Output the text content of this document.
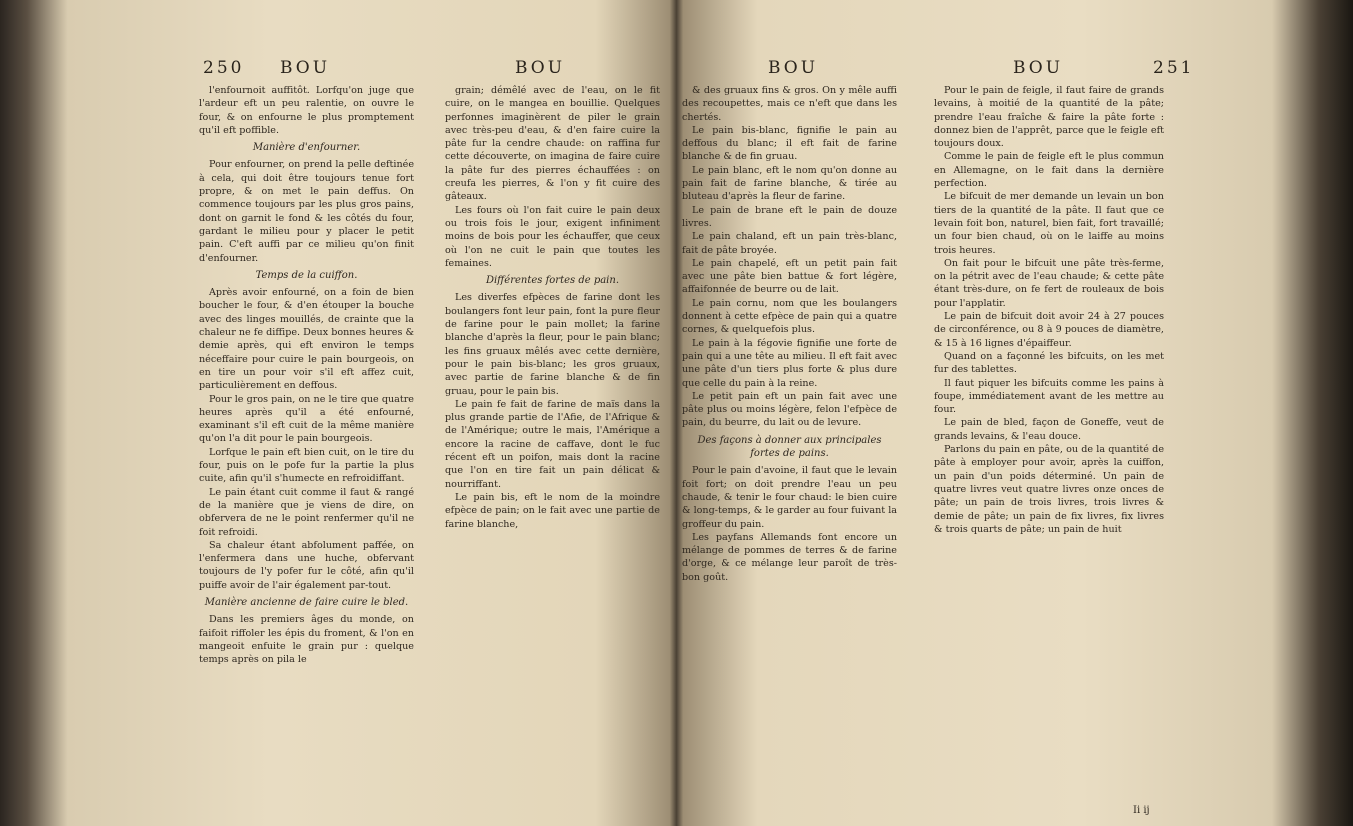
250 BOU	BOU

l'enfournoit auffitôt. Lorfqu'on juge que l'ardeur eft un peu ralentie, on ouvre le four, & on enfourne le plus promptement qu'il eft poffible.

Manière d'enfourner.

Pour enfourner, on prend la pelle deftinée à cela, qui doit être toujours tenue fort propre, & on met le pain deffus. On commence toujours par les plus gros pains, dont on garnit le fond & les côtés du four, gardant le milieu pour y placer le petit pain. C'eft auffi par ce milieu qu'on finit d'enfourner.

Temps de la cuiffon.

Après avoir enfourné, on a foin de bien boucher le four, & d'en étouper la bouche avec des linges mouillés, de crainte que la chaleur ne fe diffipe. Deux bonnes heures & demie après, qui eft environ le temps néceffaire pour cuire le pain bourgeois, on en tire un pour voir s'il eft affez cuit, particulièrement en deffous.

Pour le gros pain, on ne le tire que quatre heures après qu'il a été enfourné, examinant s'il eft cuit de la même manière qu'on l'a dit pour le pain bourgeois.

Lorfque le pain eft bien cuit, on le tire du four, puis on le pofe fur la partie la plus cuite, afin qu'il s'humecte en refroidiffant.

Le pain étant cuit comme il faut & rangé de la manière que je viens de dire, on obfervera de ne le point renfermer qu'il ne foit refroidi.

Sa chaleur étant abfolument paffée, on l'enfermera dans une huche, obfervant toujours de l'y pofer fur le côté, afin qu'il puiffe avoir de l'air également par-tout.

Manière ancienne de faire cuire le bled.

Dans les premiers âges du monde, on faifoit riffoler les épis du froment, & l'on en mangeoit enfuite le grain pur : quelque temps après on pila le

grain; démêlé avec de l'eau, on le fit cuire, on le mangea en bouillie. Quelques perfonnes imaginèrent de piler le grain avec très-peu d'eau, & d'en faire cuire la pâte fur la cendre chaude: on raffina fur cette découverte, on imagina de faire cuire la pâte fur des pierres échauffées : on creufa les pierres, & l'on y fit cuire des gâteaux.

Les fours où l'on fait cuire le pain deux ou trois fois le jour, exigent infiniment moins de bois pour les échauffer, que ceux où l'on ne cuit le pain que toutes les femaines.

Différentes fortes de pain.

Les diverfes efpèces de farine dont les boulangers font leur pain, font la pure fleur de farine pour le pain mollet; la farine blanche d'après la fleur, pour le pain blanc; les fins gruaux mêlés avec cette dernière, pour le pain bis-blanc; les gros gruaux, avec partie de farine blanche & de fin gruau, pour le pain bis.

Le pain fe fait de farine de maïs dans la plus grande partie de l'Afie, de l'Afrique & de l'Amérique; outre le mais, l'Amérique a encore la racine de caffave, dont le fuc récent eft un poifon, mais dont la racine que l'on en tire fait un pain délicat & nourriffant.

Le pain bis, eft le nom de la moindre efpèce de pain; on le fait avec une partie de farine blanche,

BOU	BOU	251

& des gruaux fins & gros. On y mêle auffi des recoupettes, mais ce n'eft que dans les chertés.

Le pain bis-blanc, fignifie le pain au deffous du blanc; il eft fait de farine blanche & de fin gruau.

Le pain blanc, eft le nom qu'on donne au pain fait de farine blanche, & tirée au bluteau d'après la fleur de farine.

Le pain de brane eft le pain de douze livres.

Le pain chaland, eft un pain très-blanc, fait de pâte broyée.

Le pain chapelé, eft un petit pain fait avec une pâte bien battue & fort légère, affaifonnée de beurre ou de lait.

Le pain cornu, nom que les boulangers donnent à cette efpèce de pain qui a quatre cornes, & quelquefois plus.

Le pain à la fégovie fignifie une forte de pain qui a une tête au milieu. Il eft fait avec une pâte d'un tiers plus forte & plus dure que celle du pain à la reine.

Le petit pain eft un pain fait avec une pâte plus ou moins légère, felon l'efpèce de pain, du beurre, du lait ou de levure.

Des façons à donner aux principales fortes de pains.

Pour le pain d'avoine, il faut que le levain foit fort; on doit prendre l'eau un peu chaude, & tenir le four chaud: le bien cuire & long-temps, & le garder au four fuivant la groffeur du pain.

Les payfans Allemands font encore un mélange de pommes de terres & de farine d'orge, & ce mélange leur paroît de très-bon goût.

Pour le pain de feigle, il faut faire de grands levains, à moitié de la quantité de la pâte; prendre l'eau fraîche & faire la pâte forte : donnez bien de l'apprêt, parce que le feigle eft toujours doux.

Comme le pain de feigle eft le plus commun en Allemagne, on le fait dans la dernière perfection.

Le bifcuit de mer demande un levain un bon tiers de la quantité de la pâte. Il faut que ce levain foit bon, naturel, bien fait, fort travaillé; un four bien chaud, où on le laiffe au moins trois heures.

On fait pour le bifcuit une pâte très-ferme, on la pétrit avec de l'eau chaude; & cette pâte étant très-dure, on fe fert de rouleaux de bois pour l'applatir.

Le pain de bifcuit doit avoir 24 à 27 pouces de circonférence, ou 8 à 9 pouces de diamètre, & 15 à 16 lignes d'épaiffeur.

Quand on a façonné les bifcuits, on les met fur des tablettes.

Il faut piquer les bifcuits comme les pains à foupe, immédiatement avant de les mettre au four.

Le pain de bled, façon de Goneffe, veut de grands levains, & l'eau douce.

Parlons du pain en pâte, ou de la quantité de pâte à employer pour avoir, après la cuiffon, un pain d'un poids déterminé. Un pain de quatre livres veut quatre livres onze onces de pâte; un pain de trois livres, trois livres & demie de pâte; un pain de fix livres, fix livres & trois quarts de pâte; un pain de huit

Ii ij
